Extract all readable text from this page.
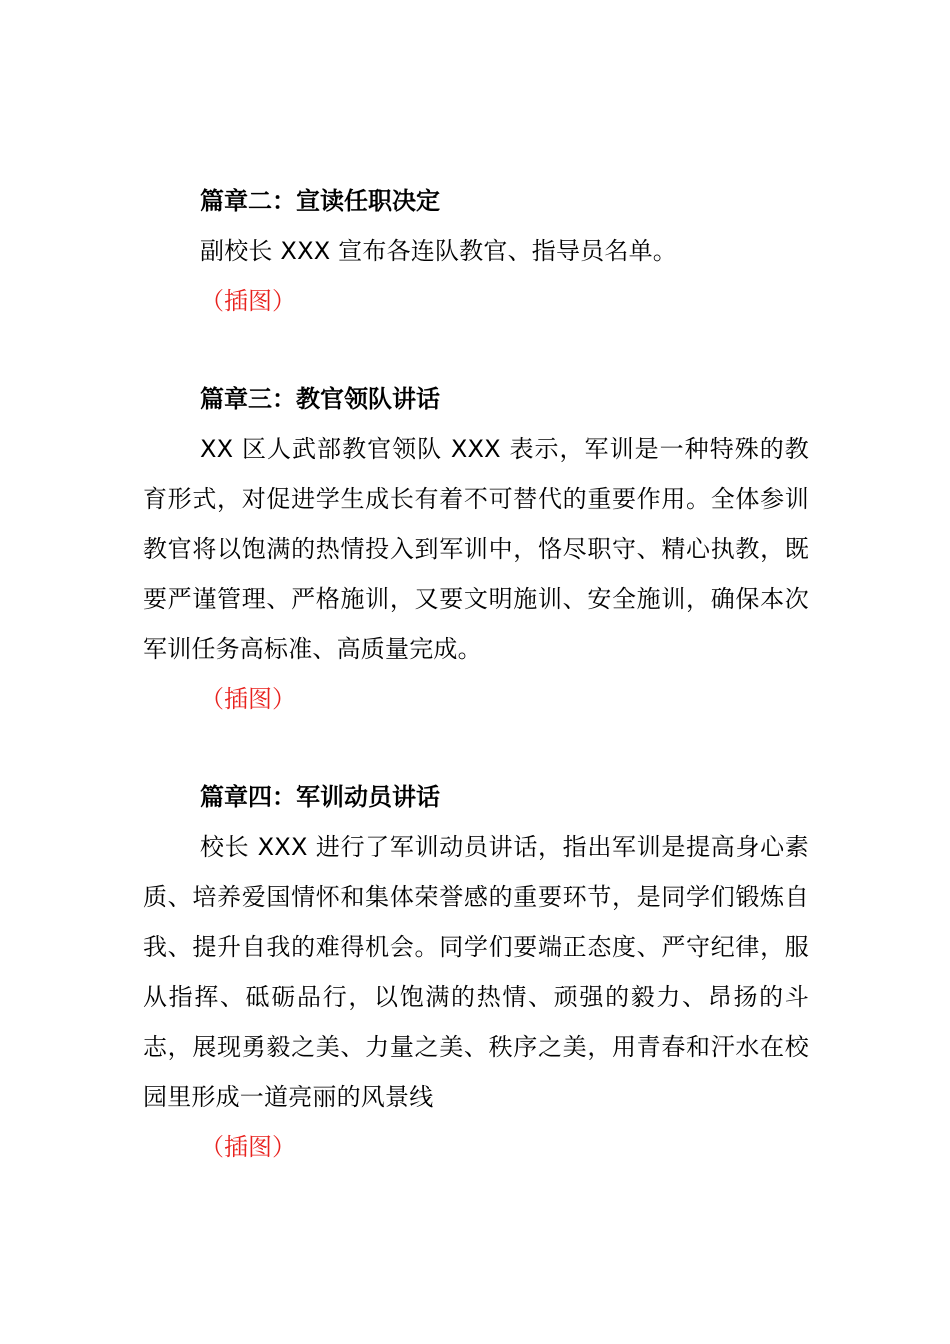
篇章二：宣读任职决定

副校长 XXX 宣布各连队教官、指导员名单。

（插图）
篇章三：教官领队讲话

XX 区人武部教官领队 XXX 表示，军训是一种特殊的教育形式，对促进学生成长有着不可替代的重要作用。全体参训教官将以饱满的热情投入到军训中，恪尽职守、精心执教，既要严谨管理、严格施训，又要文明施训、安全施训，确保本次军训任务高标准、高质量完成。

（插图）
篇章四：军训动员讲话

校长 XXX 进行了军训动员讲话，指出军训是提高身心素质、培养爱国情怀和集体荣誉感的重要环节，是同学们锻炼自我、提升自我的难得机会。同学们要端正态度、严守纪律，服从指挥、砥砺品行，以饱满的热情、顽强的毅力、昂扬的斗志，展现勇毅之美、力量之美、秩序之美，用青春和汗水在校园里形成一道亮丽的风景线

（插图）
